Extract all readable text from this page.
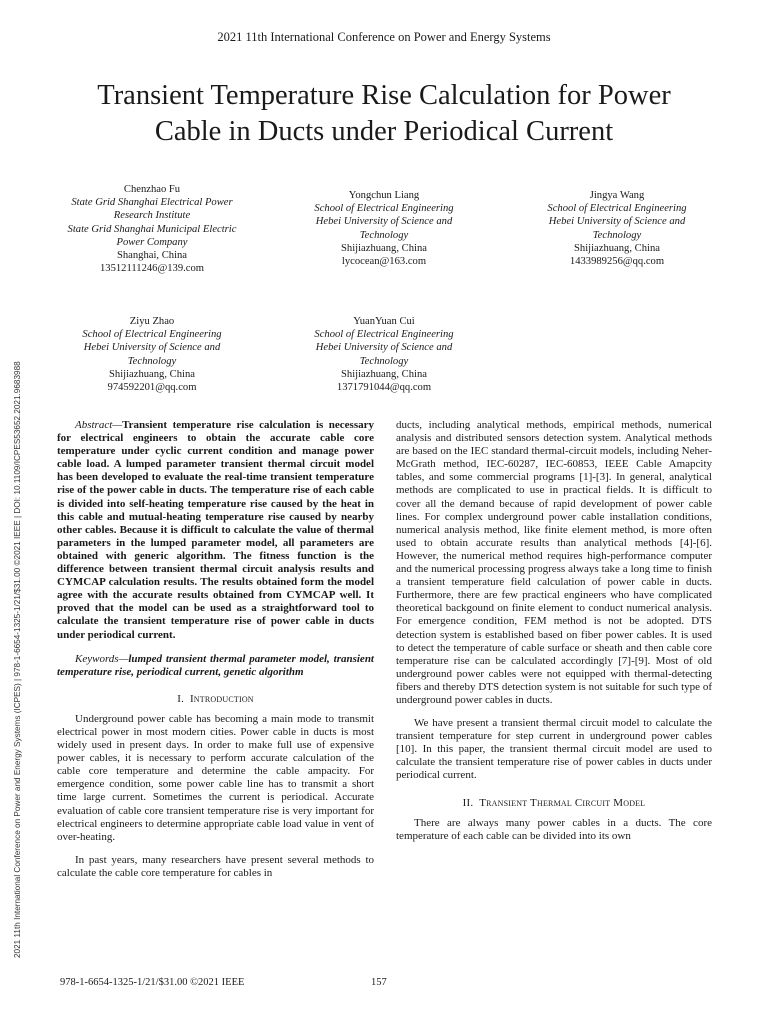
2021 11th International Conference on Power and Energy Systems
Transient Temperature Rise Calculation for Power
Cable in Ducts under Periodical Current
Chenzhao Fu
State Grid Shanghai Electrical Power
Research Institute
State Grid Shanghai Municipal Electric
Power Company
Shanghai, China
13512111246@139.com
Yongchun Liang
School of Electrical Engineering
Hebei University of Science and
Technology
Shijiazhuang, China
lycocean@163.com
Jingya Wang
School of Electrical Engineering
Hebei University of Science and
Technology
Shijiazhuang, China
1433989256@qq.com
Ziyu Zhao
School of Electrical Engineering
Hebei University of Science and
Technology
Shijiazhuang, China
974592201@qq.com
YuanYuan Cui
School of Electrical Engineering
Hebei University of Science and
Technology
Shijiazhuang, China
1371791044@qq.com
2021 11th International Conference on Power and Energy Systems (ICPES) | 978-1-6654-1325-1/21/$31.00 ©2021 IEEE | DOI: 10.1109/ICPES53652.2021.9683988	Abstract—Transient temperature rise calculation is necessary for electrical engineers to obtain the accurate cable core temperature under cyclic current condition and manage power cable load. A lumped parameter transient thermal circuit model has been developed to evaluate the real-time transient temperature rise of the power cable in ducts. The temperature rise of each cable is divided into self-heating temperature rise caused by the heat in this cable and mutual-heating temperature rise caused by nearby other cables. Because it is difficult to calculate the value of thermal parameters in the lumped parameter model, all parameters are obtained with generic algorithm. The fitness function is the difference between transient thermal circuit analysis results and CYMCAP calculation results. The results obtained form the model agree with the accurate results obtained from CYMCAP well. It proved that the model can be used as a straightforward tool to calculate the transient temperature rise of power cable in ducts under periodical current.

Keywords—lumped transient thermal parameter model, transient temperature rise, periodical current, genetic algorithm

I. Introduction

Underground power cable has becoming a main mode to transmit electrical power in most modern cities. Power cable in ducts is most widely used in present days. In order to make full use of expensive power cables, it is necessary to perform accurate calculation of the cable core temperature and determine the cable ampacity. For emergence condition, some power cable line has to transmit a short time large current. Sometimes the current is periodical. Accurate evaluation of cable core transient temperature rise is very important for electrical engineers to determine appropriate cable load value in vent of over-heating.

In past years, many researchers have present several methods to calculate the cable core temperature for cables in

ducts, including analytical methods, empirical methods, numerical analysis and distributed sensors detection system. Analytical methods are based on the IEC standard thermal-circuit models, including Neher-McGrath method, IEC-60287, IEC-60853, IEEE Cable Amapcity tables, and some commercial programs [1]-[3]. In general, analytical methods are complicated to use in practical fields. It is difficult to cover all the demand because of rapid development of power cable lines. For complex underground power cable installation conditions, numerical analysis method, like finite element method, is more often used to obtain accurate results than analytical methods [4]-[6]. However, the numerical method requires high-performance computer and the numerical processing progress always take a long time to finish a transient temperature field calculation of power cable in ducts. Furthermore, there are few practical engineers who have complicated theoretical backgound on finite element to conduct numerical analysis. For emergence condition, FEM method is not be adopted. DTS detection system is established based on fiber power cables. It is used to detect the temperature of cable surface or sheath and then cable core temperature rise can be calculated accordingly [7]-[9]. Most of old underground power cables were not equipped with thermal-detecting fibers and thereby DTS detection system is not suitable for such type of underground power cables in ducts.

We have present a transient thermal circuit model to calculate the transient temperature for step current in underground power cables [10]. In this paper, the transient thermal circuit model are used to calculate the transient temperature rise of power cables in ducts under periodical current.

II. Transient Thermal Circuit Model

There are always many power cables in a ducts. The core temperature of each cable can be divided into its own

978-1-6654-1325-1/21/$31.00 ©2021 IEEE	157
